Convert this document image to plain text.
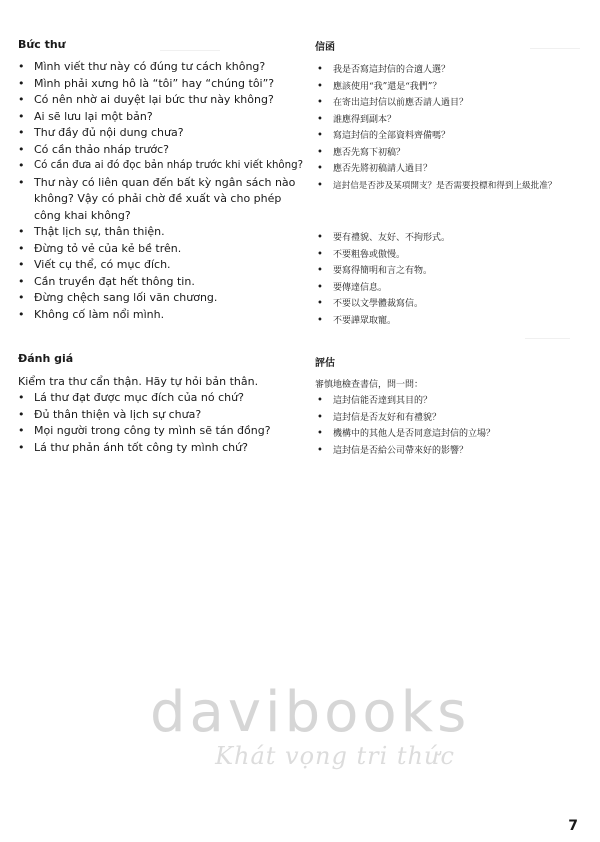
Bức thư
• Mình viết thư này có đúng tư cách không?
• Mình phải xưng hô là “tôi” hay “chúng tôi”?
• Có nên nhờ ai duyệt lại bức thư này không?
• Ai sẽ lưu lại một bản?
• Thư đầy đủ nội dung chưa?
• Có cần thảo nháp trước?
• Có cần đưa ai đó đọc bản nháp trước khi viết không?
• Thư này có liên quan đến bất kỳ ngân sách nào không? Vậy có phải chờ đề xuất và cho phép công khai không?
• Thật lịch sự, thân thiện.
• Đừng tỏ vẻ của kẻ bề trên.
• Viết cụ thể, có mục đích.
• Cần truyền đạt hết thông tin.
• Đừng chệch sang lối văn chương.
• Không cố làm nổi mình.
信函
• 我是否寫這封信的合適人選？
• 應該使用“我”還是“我們”？
• 在寄出這封信以前應否請人過目？
• 誰應得到副本？
• 寫這封信的全部資料齊備嗎？
• 應否先寫下初稿？
• 應否先將初稿請人過目？
• 這封信是否涉及某項開支？是否需要投標和得到上級批准？
• 要有禮貌、友好、不拘形式。
• 不要粗魯或傲慢。
• 要寫得簡明和言之有物。
• 要傳達信息。
• 不要以文學體裁寫信。
• 不要譁眾取寵。
Đánh giá

Kiểm tra thư cẩn thận. Hãy tự hỏi bản thân.

• Lá thư đạt được mục đích của nó chứ?
• Đủ thân thiện và lịch sự chưa?
• Mọi người trong công ty mình sẽ tán đồng?
• Lá thư phản ánh tốt công ty mình chứ?
評估

審慎地檢查書信，問一問：

• 這封信能否達到其目的？
• 這封信是否友好和有禮貌？
• 機構中的其他人是否同意這封信的立場？
• 這封信是否給公司帶來好的影響？
davibooks
Khát vọng tri thức
7
